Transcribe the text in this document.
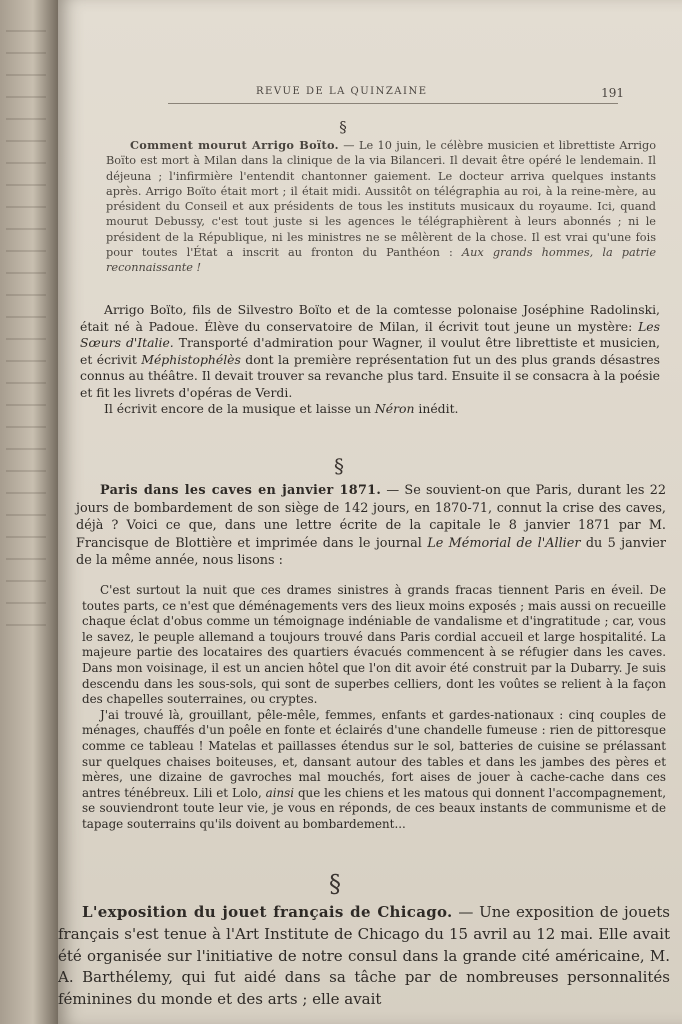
REVUE DE LA QUINZAINE	191
§

Comment mourut Arrigo Boïto. — Le 10 juin, le célèbre musicien et librettiste Arrigo Boïto est mort à Milan dans la clinique de la via Bilanceri. Il devait être opéré le lendemain. Il déjeuna ; l'infirmière l'entendit chantonner gaiement. Le docteur arriva quelques instants après. Arrigo Boïto était mort ; il était midi. Aussitôt on télégraphia au roi, à la reine-mère, au président du Conseil et aux présidents de tous les instituts musicaux du royaume. Ici, quand mourut Debussy, c'est tout juste si les agences le télégraphièrent à leurs abonnés ; ni le président de la République, ni les ministres ne se mêlèrent de la chose. Il est vrai qu'une fois pour toutes l'État a inscrit au fronton du Panthéon : Aux grands hommes, la patrie reconnaissante !

Arrigo Boïto, fils de Silvestro Boïto et de la comtesse polonaise Joséphine Radolinski, était né à Padoue. Élève du conservatoire de Milan, il écrivit tout jeune un mystère: Les Sœurs d'Italie. Transporté d'admiration pour Wagner, il voulut être librettiste et musicien, et écrivit Méphistophélès dont la première représentation fut un des plus grands désastres connus au théâtre. Il devait trouver sa revanche plus tard. Ensuite il se consacra à la poésie et fit les livrets d'opéras de Verdi.

Il écrivit encore de la musique et laisse un Néron inédit.

§

Paris dans les caves en janvier 1871. — Se souvient-on que Paris, durant les 22 jours de bombardement de son siège de 142 jours, en 1870-71, connut la crise des caves, déjà ? Voici ce que, dans une lettre écrite de la capitale le 8 janvier 1871 par M. Francisque de Blottière et imprimée dans le journal Le Mémorial de l'Allier du 5 janvier de la même année, nous lisons :

C'est surtout la nuit que ces drames sinistres à grands fracas tiennent Paris en éveil. De toutes parts, ce n'est que déménagements vers des lieux moins exposés ; mais aussi on recueille chaque éclat d'obus comme un témoignage indéniable de vandalisme et d'ingratitude ; car, vous le savez, le peuple allemand a toujours trouvé dans Paris cordial accueil et large hospitalité. La majeure partie des locataires des quartiers évacués commencent à se réfugier dans les caves. Dans mon voisinage, il est un ancien hôtel que l'on dit avoir été construit par la Dubarry. Je suis descendu dans les sous-sols, qui sont de superbes celliers, dont les voûtes se relient à la façon des chapelles souterraines, ou cryptes.

J'ai trouvé là, grouillant, pêle-mêle, femmes, enfants et gardes-nationaux : cinq couples de ménages, chauffés d'un poêle en fonte et éclairés d'une chandelle fumeuse : rien de pittoresque comme ce tableau ! Matelas et paillasses étendus sur le sol, batteries de cuisine se prélassant sur quelques chaises boiteuses, et, dansant autour des tables et dans les jambes des pères et mères, une dizaine de gavroches mal mouchés, fort aises de jouer à cache-cache dans ces antres ténébreux. Lili et Lolo, ainsi que les chiens et les matous qui donnent l'accompagnement, se souviendront toute leur vie, je vous en réponds, de ces beaux instants de communisme et de tapage souterrains qu'ils doivent au bombardement...

§

L'exposition du jouet français de Chicago. — Une exposition de jouets français s'est tenue à l'Art Institute de Chicago du 15 avril au 12 mai. Elle avait été organisée sur l'initiative de notre consul dans la grande cité américaine, M. A. Barthélemy, qui fut aidé dans sa tâche par de nombreuses personnalités féminines du monde et des arts ; elle avait
